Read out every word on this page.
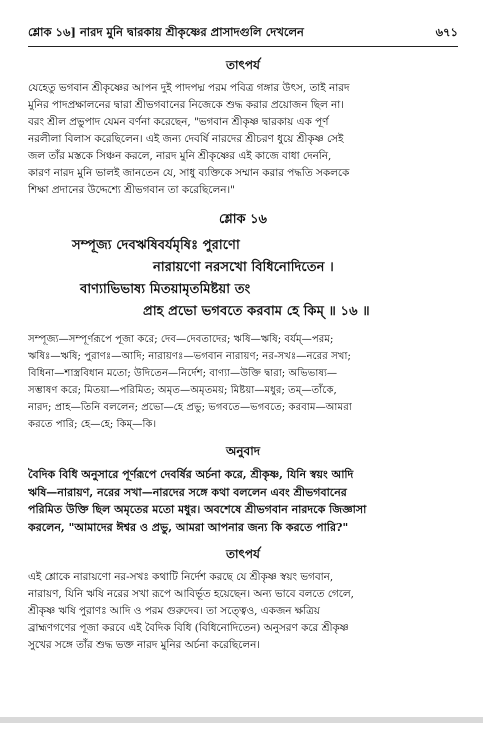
শ্লোক ১৬] নারদ মুনি দ্বারকায় শ্রীকৃষ্ণের প্রাসাদগুলি দেখলেন	৬৭১
তাৎপর্য
যেহেতু ভগবান শ্রীকৃষ্ণের আপন দুই পাদপদ্ম পরম পবিত্র গঙ্গার উৎস, তাই নারদ
মুনির পাদপ্রক্ষালনের দ্বারা শ্রীভগবানের নিজেকে শুদ্ধ করার প্রয়োজন ছিল না।
বরং শ্রীল প্রভুপাদ যেমন বর্ণনা করেছেন, "ভগবান শ্রীকৃষ্ণ দ্বারকায় এক পূর্ণ
নরলীলা বিলাস করেছিলেন। এই জন্য দেবর্ষি নারদের শ্রীচরণ ধুয়ে শ্রীকৃষ্ণ সেই
জল তাঁর মস্তকে সিঞ্চন করলে, নারদ মুনি শ্রীকৃষ্ণের এই কাজে বাধা দেননি,
কারণ নারদ মুনি ভালই জানতেন যে, সাধু ব্যক্তিকে সম্মান করার পদ্ধতি সকলকে
শিক্ষা প্রদানের উদ্দেশ্যে শ্রীভগবান তা করেছিলেন।"
শ্লোক ১৬
সম্পূজ্য দেবঋষিবর্যমৃষিঃ পুরাণো
নারায়ণো নরসখো বিধিনোদিতেন ।
বাণ্যাভিভাষ্য মিতয়ামৃতমিষ্টয়া তং
প্রাহ প্রভো ভগবতে করবাম হে কিম্ ॥ ১৬ ॥
সম্পূজ্য—সম্পূর্ণরূপে পূজা করে; দেব—দেবতাদের; ঋষি—ঋষি; বর্যম্—পরম;
ঋষিঃ—ঋষি; পুরাণঃ—আদি; নারায়ণঃ—ভগবান নারায়ণ; নর-সখঃ—নরের সখা;
বিধিনা—শাস্ত্রবিধান মতো; উদিতেন—নির্দেশ; বাণ্যা—উক্তি দ্বারা; অভিভাষ্য—
সম্ভাষণ করে; মিতয়া—পরিমিত; অমৃত—অমৃতময়; মিষ্টয়া—মধুর; তম্—তাঁকে,
নারদ; প্রাহ—তিনি বললেন; প্রভো—হে প্রভু; ভগবতে—ভগবতে; করবাম—আমরা
করতে পারি; হে—হে; কিম্—কি।
অনুবাদ
বৈদিক বিধি অনুসারে পূর্ণরূপে দেবর্ষির অর্চনা করে, শ্রীকৃষ্ণ, যিনি স্বয়ং আদি
ঋষি—নারায়ণ, নরের সখা—নারদের সঙ্গে কথা বললেন এবং শ্রীভগবানের
পরিমিত উক্তি ছিল অমৃতের মতো মধুর। অবশেষে শ্রীভগবান নারদকে জিজ্ঞাসা
করলেন, "আমাদের ঈশ্বর ও প্রভু, আমরা আপনার জন্য কি করতে পারি?"
তাৎপর্য
এই শ্লোকে নারায়ণো নর-সখঃ কথাটি নির্দেশ করছে যে শ্রীকৃষ্ণ স্বয়ং ভগবান,
নারায়ণ, যিনি ঋষি নরের সখা রূপে আবির্ভূত হয়েছেন। অন্য ভাবে বলতে গেলে,
শ্রীকৃষ্ণ ঋষি পুরাণঃ আদি ও পরম গুরুদেব। তা সত্ত্বেও, একজন ক্ষত্রিয়
ব্রাহ্মণগণের পূজা করবে এই বৈদিক বিধি (বিধিনোদিতেন) অনুসরণ করে শ্রীকৃষ্ণ
সুখের সঙ্গে তাঁর শুদ্ধ ভক্ত নারদ মুনির অর্চনা করেছিলেন।
